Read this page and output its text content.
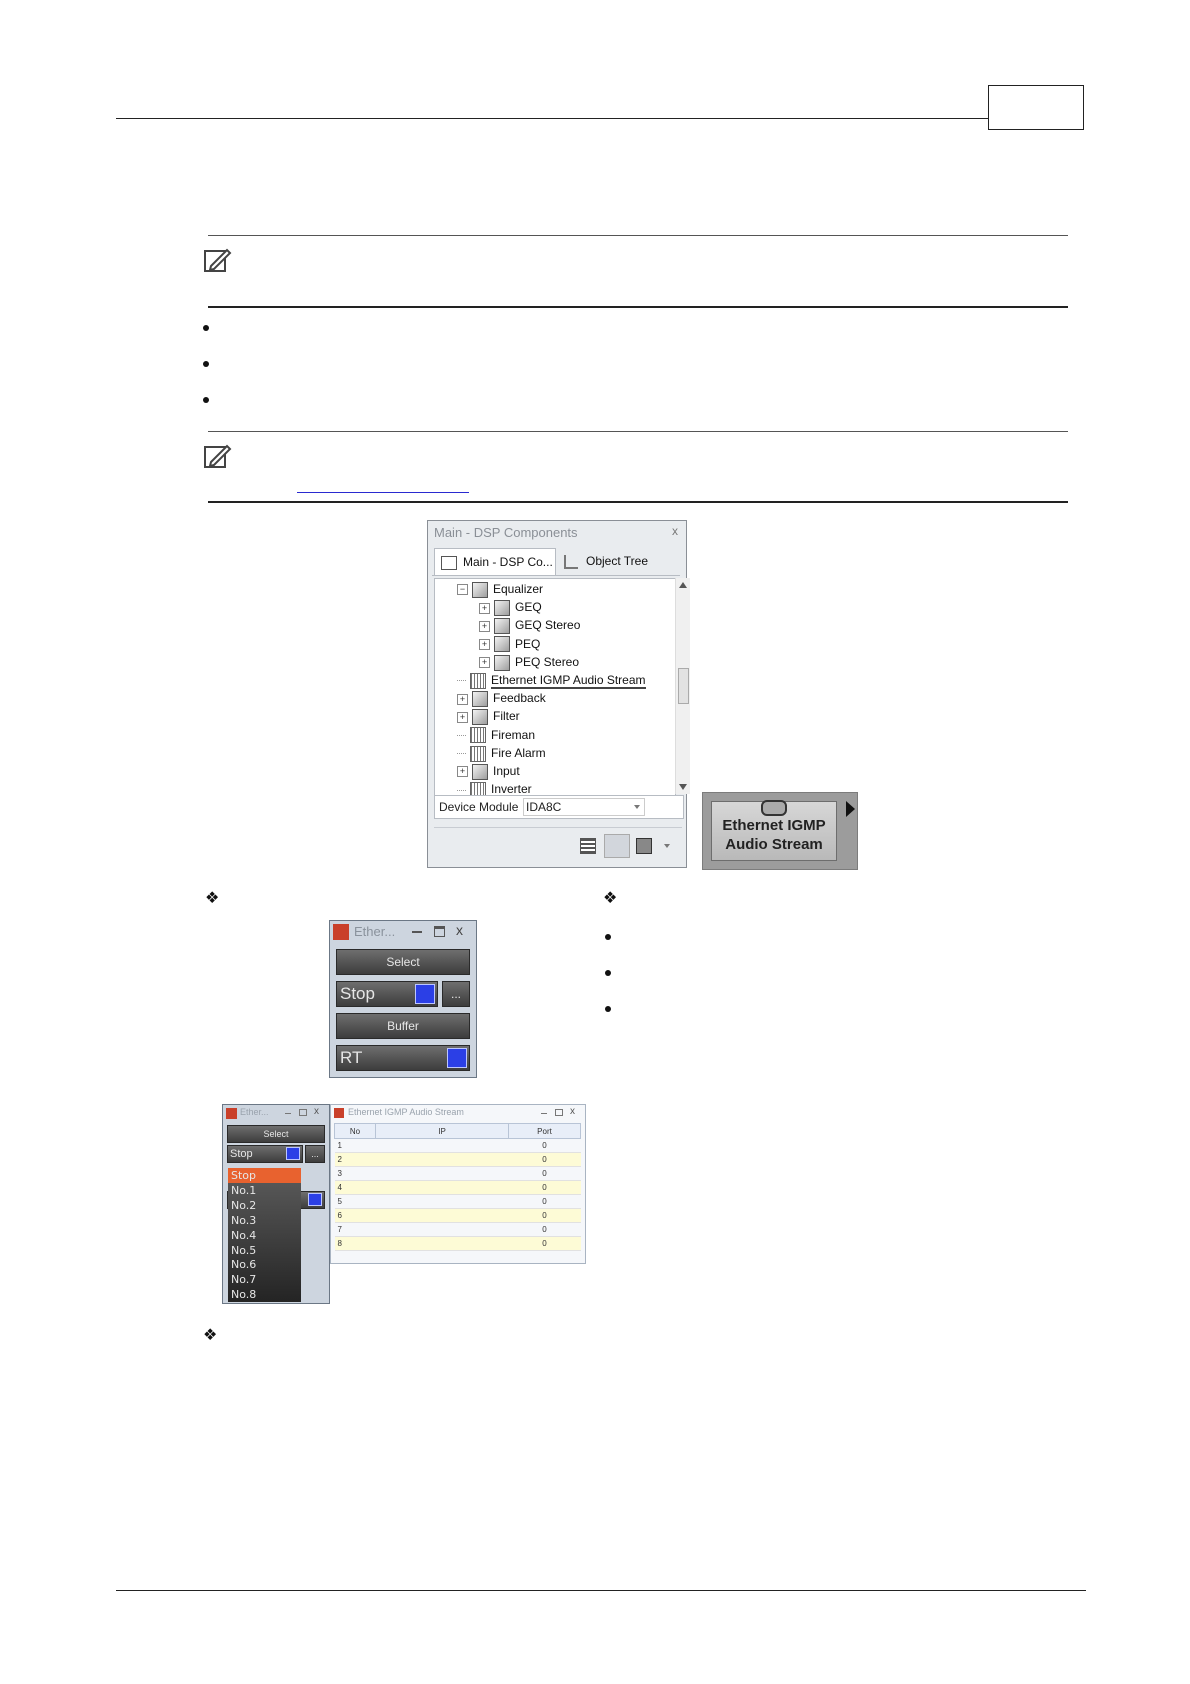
Main - DSP Components	x
Main - DSP Co...	Object Tree
− Equalizer
+ GEQ
+ GEQ Stereo
+ PEQ
+ PEQ Stereo
Ethernet IGMP Audio Stream
+ Feedback
+ Filter
Fireman
Fire Alarm
+ Input
Inverter
Device Module IDA8C
Ethernet IGMP
Audio Stream
❖	❖
Ether...	x
Select
Stop	...
Buffer
RT
Ether...	x
Select
Stop	...
Stop
No.1
No.2
No.3
No.4
No.5
No.6
No.7
No.8
Ethernet IGMP Audio Stream	x
No	IP	Port
1		0
2		0
3		0
4		0
5		0
6		0
7		0
8		0
❖
